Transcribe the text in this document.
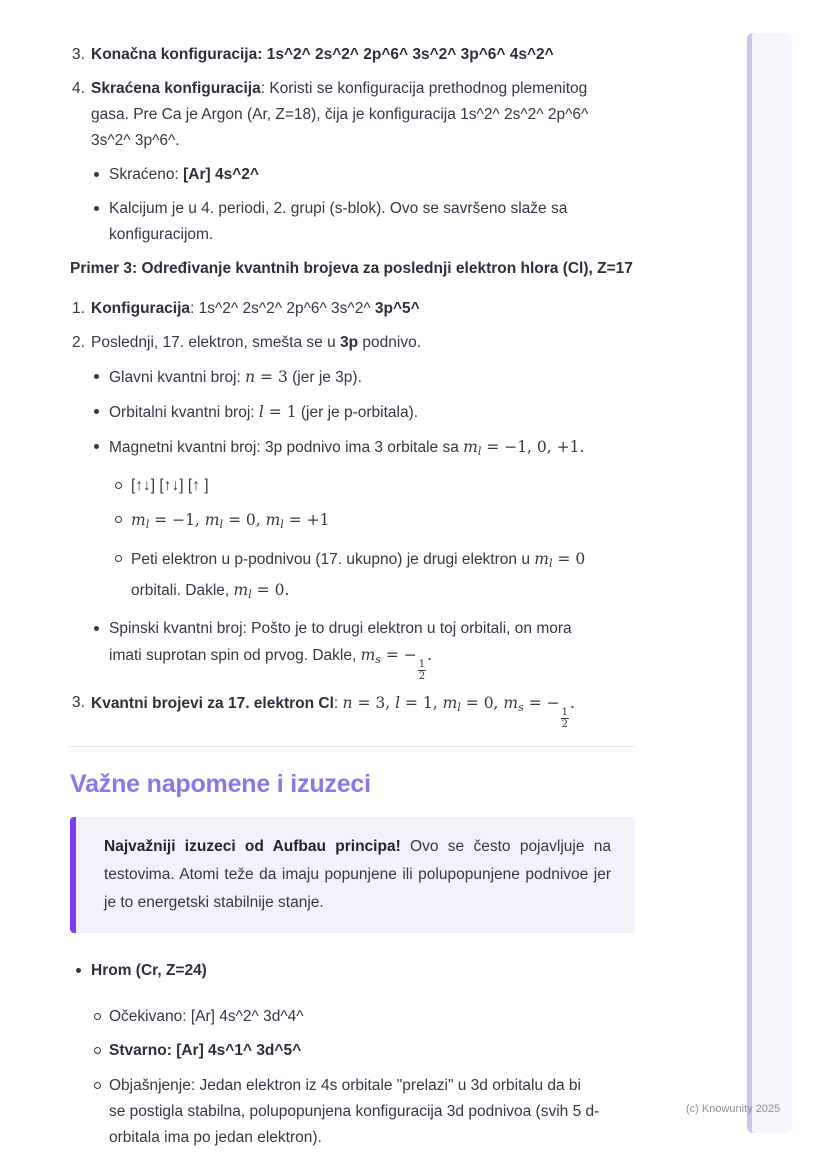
3. Konačna konfiguracija: 1s^2^ 2s^2^ 2p^6^ 3s^2^ 3p^6^ 4s^2^
4. Skraćena konfiguracija: Koristi se konfiguracija prethodnog plemenitog
gasa. Pre Ca je Argon (Ar, Z=18), čija je konfiguracija 1s^2^ 2s^2^ 2p^6^
3s^2^ 3p^6^.
Skraćeno: [Ar] 4s^2^
Kalcijum je u 4. periodi, 2. grupi (s-blok). Ovo se savršeno slaže sa
konfiguracijom.
Primer 3: Određivanje kvantnih brojeva za poslednji elektron hlora (Cl), Z=17
1. Konfiguracija: 1s^2^ 2s^2^ 2p^6^ 3s^2^ 3p^5^
2. Poslednji, 17. elektron, smešta se u 3p podnivo.
Glavni kvantni broj: n = 3 (jer je 3p).
Orbitalni kvantni broj: l = 1 (jer je p-orbitala).
Magnetni kvantni broj: 3p podnivo ima 3 orbitale sa ml = −1, 0, +1.
[↑↓] [↑↓] [↑ ]
ml = −1, ml = 0, ml = +1
Peti elektron u p-podnivou (17. ukupno) je drugi elektron u ml = 0
orbitali. Dakle, ml = 0.
Spinski kvantni broj: Pošto je to drugi elektron u toj orbitali, on mora
imati suprotan spin od prvog. Dakle, ms = −
$\frac{1}{2}$
.
3. Kvantni brojevi za 17. elektron Cl: n = 3, l = 1, ml = 0, ms = −
$\frac{1}{2}$
.
Važne napomene i izuzeci
Najvažniji izuzeci od Aufbau principa! Ovo se često pojavljuje na testovima. Atomi teže da imaju popunjene ili polupopunjene podnivoe jer je to energetski stabilnije stanje.
Hrom (Cr, Z=24)
Očekivano: [Ar] 4s^2^ 3d^4^
Stvarno: [Ar] 4s^1^ 3d^5^
Objašnjenje: Jedan elektron iz 4s orbitale "prelazi" u 3d orbitalu da bi
se postigla stabilna, polupopunjena konfiguracija 3d podnivoa (svih 5 d-
orbitala ima po jedan elektron).
(c) Knowunity 2025
